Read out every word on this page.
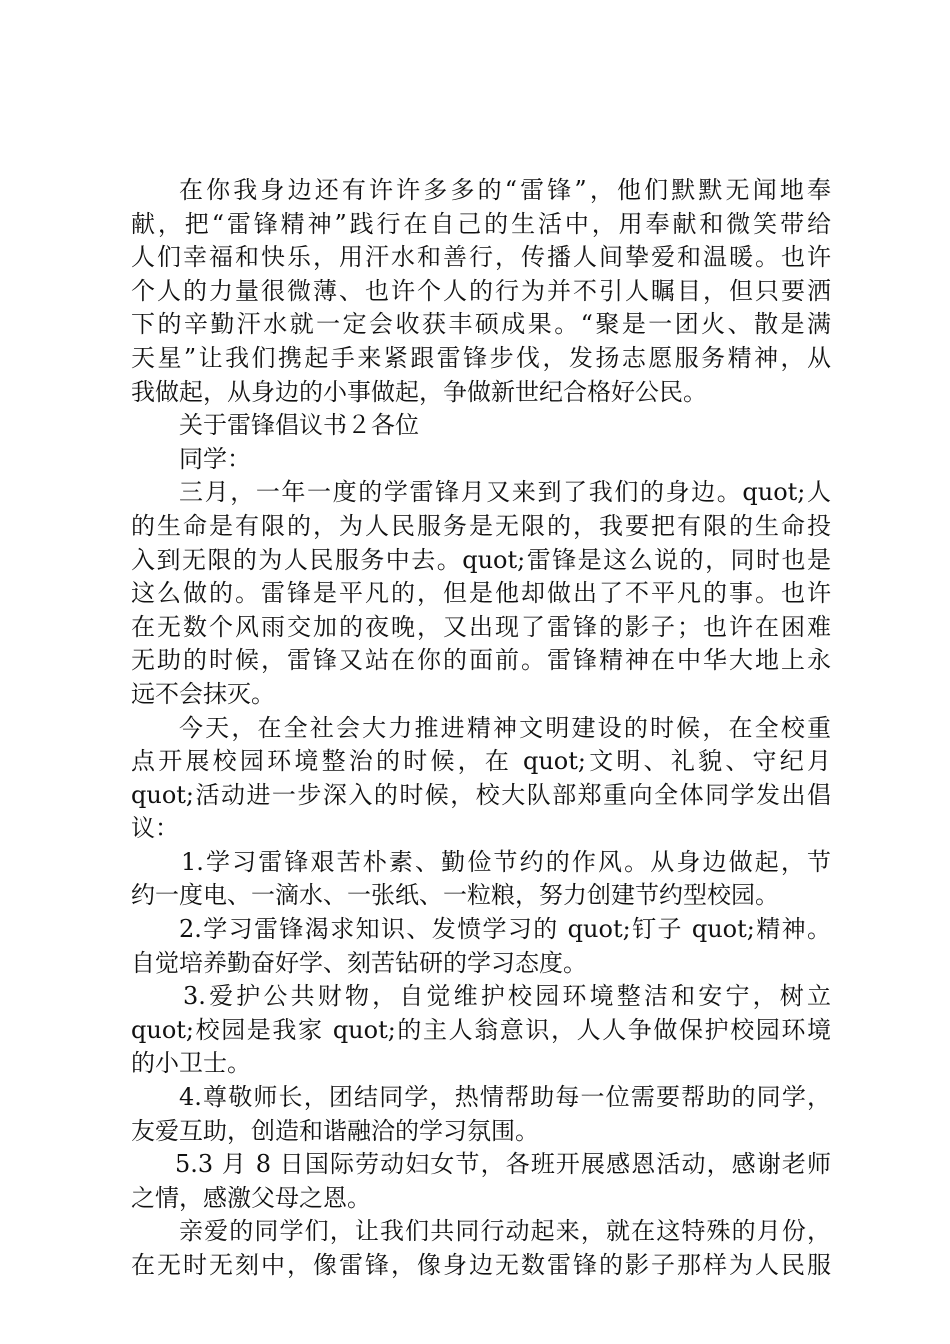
在你我身边还有许许多多的“雷锋”，他们默默无闻地奉
献，把“雷锋精神”践行在自己的生活中，用奉献和微笑带给
人们幸福和快乐，用汗水和善行，传播人间挚爱和温暖。也许
个人的力量很微薄、也许个人的行为并不引人瞩目，但只要洒
下的辛勤汗水就一定会收获丰硕成果。“聚是一团火、散是满
天星”让我们携起手来紧跟雷锋步伐，发扬志愿服务精神，从
我做起，从身边的小事做起，争做新世纪合格好公民。
关于雷锋倡议书２各位
同学：
三月，一年一度的学雷锋月又来到了我们的身边。quot;人
的生命是有限的，为人民服务是无限的，我要把有限的生命投
入到无限的为人民服务中去。quot;雷锋是这么说的，同时也是
这么做的。雷锋是平凡的，但是他却做出了不平凡的事。也许
在无数个风雨交加的夜晚，又出现了雷锋的影子；也许在困难
无助的时候，雷锋又站在你的面前。雷锋精神在中华大地上永
远不会抹灭。
今天，在全社会大力推进精神文明建设的时候，在全校重
点开展校园环境整治的时候，在 quot;文明、礼貌、守纪月
quot;活动进一步深入的时候，校大队部郑重向全体同学发出倡
议：
1.学习雷锋艰苦朴素、勤俭节约的作风。从身边做起，节
约一度电、一滴水、一张纸、一粒粮，努力创建节约型校园。
2.学习雷锋渴求知识、发愤学习的 quot;钉子 quot;精神。
自觉培养勤奋好学、刻苦钻研的学习态度。
3.爱护公共财物，自觉维护校园环境整洁和安宁，树立
quot;校园是我家 quot;的主人翁意识，人人争做保护校园环境
的小卫士。
4.尊敬师长，团结同学，热情帮助每一位需要帮助的同学，
友爱互助，创造和谐融洽的学习氛围。
5.3 月 8 日国际劳动妇女节，各班开展感恩活动，感谢老师
之情，感激父母之恩。
亲爱的同学们，让我们共同行动起来，就在这特殊的月份，
在无时无刻中，像雷锋，像身边无数雷锋的影子那样为人民服
